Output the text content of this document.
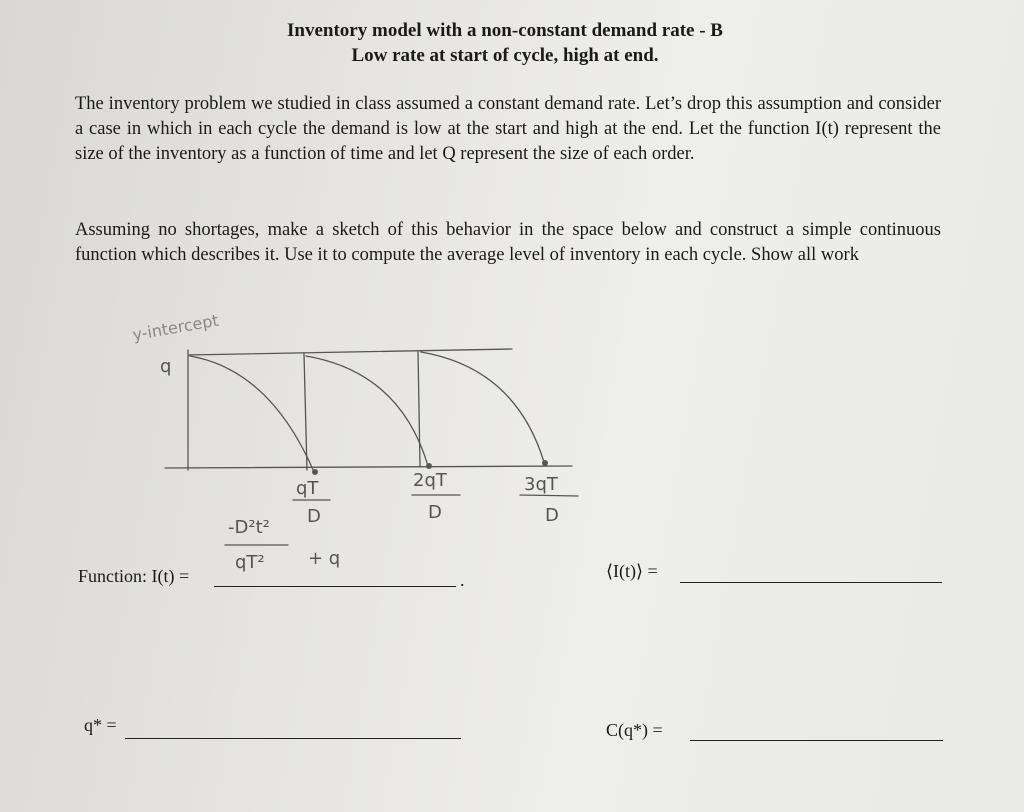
Inventory model with a non-constant demand rate - B
Low rate at start of cycle, high at end.
The inventory problem we studied in class assumed a constant demand rate. Let’s drop this assumption and consider a case in which in each cycle the demand is low at the start and high at the end. Let the function I(t) represent the size of the inventory as a function of time and let Q represent the size of each order.
Assuming no shortages, make a sketch of this behavior in the space below and construct a simple continuous function which describes it. Use it to compute the average level of inventory in each cycle. Show all work
y-intercept
q
qT
D
2qT
D
3qT
D
-D²t²
qT² + q
Function: I(t) =	.	⟨I(t)⟩ =
q* =	C(q*) =
